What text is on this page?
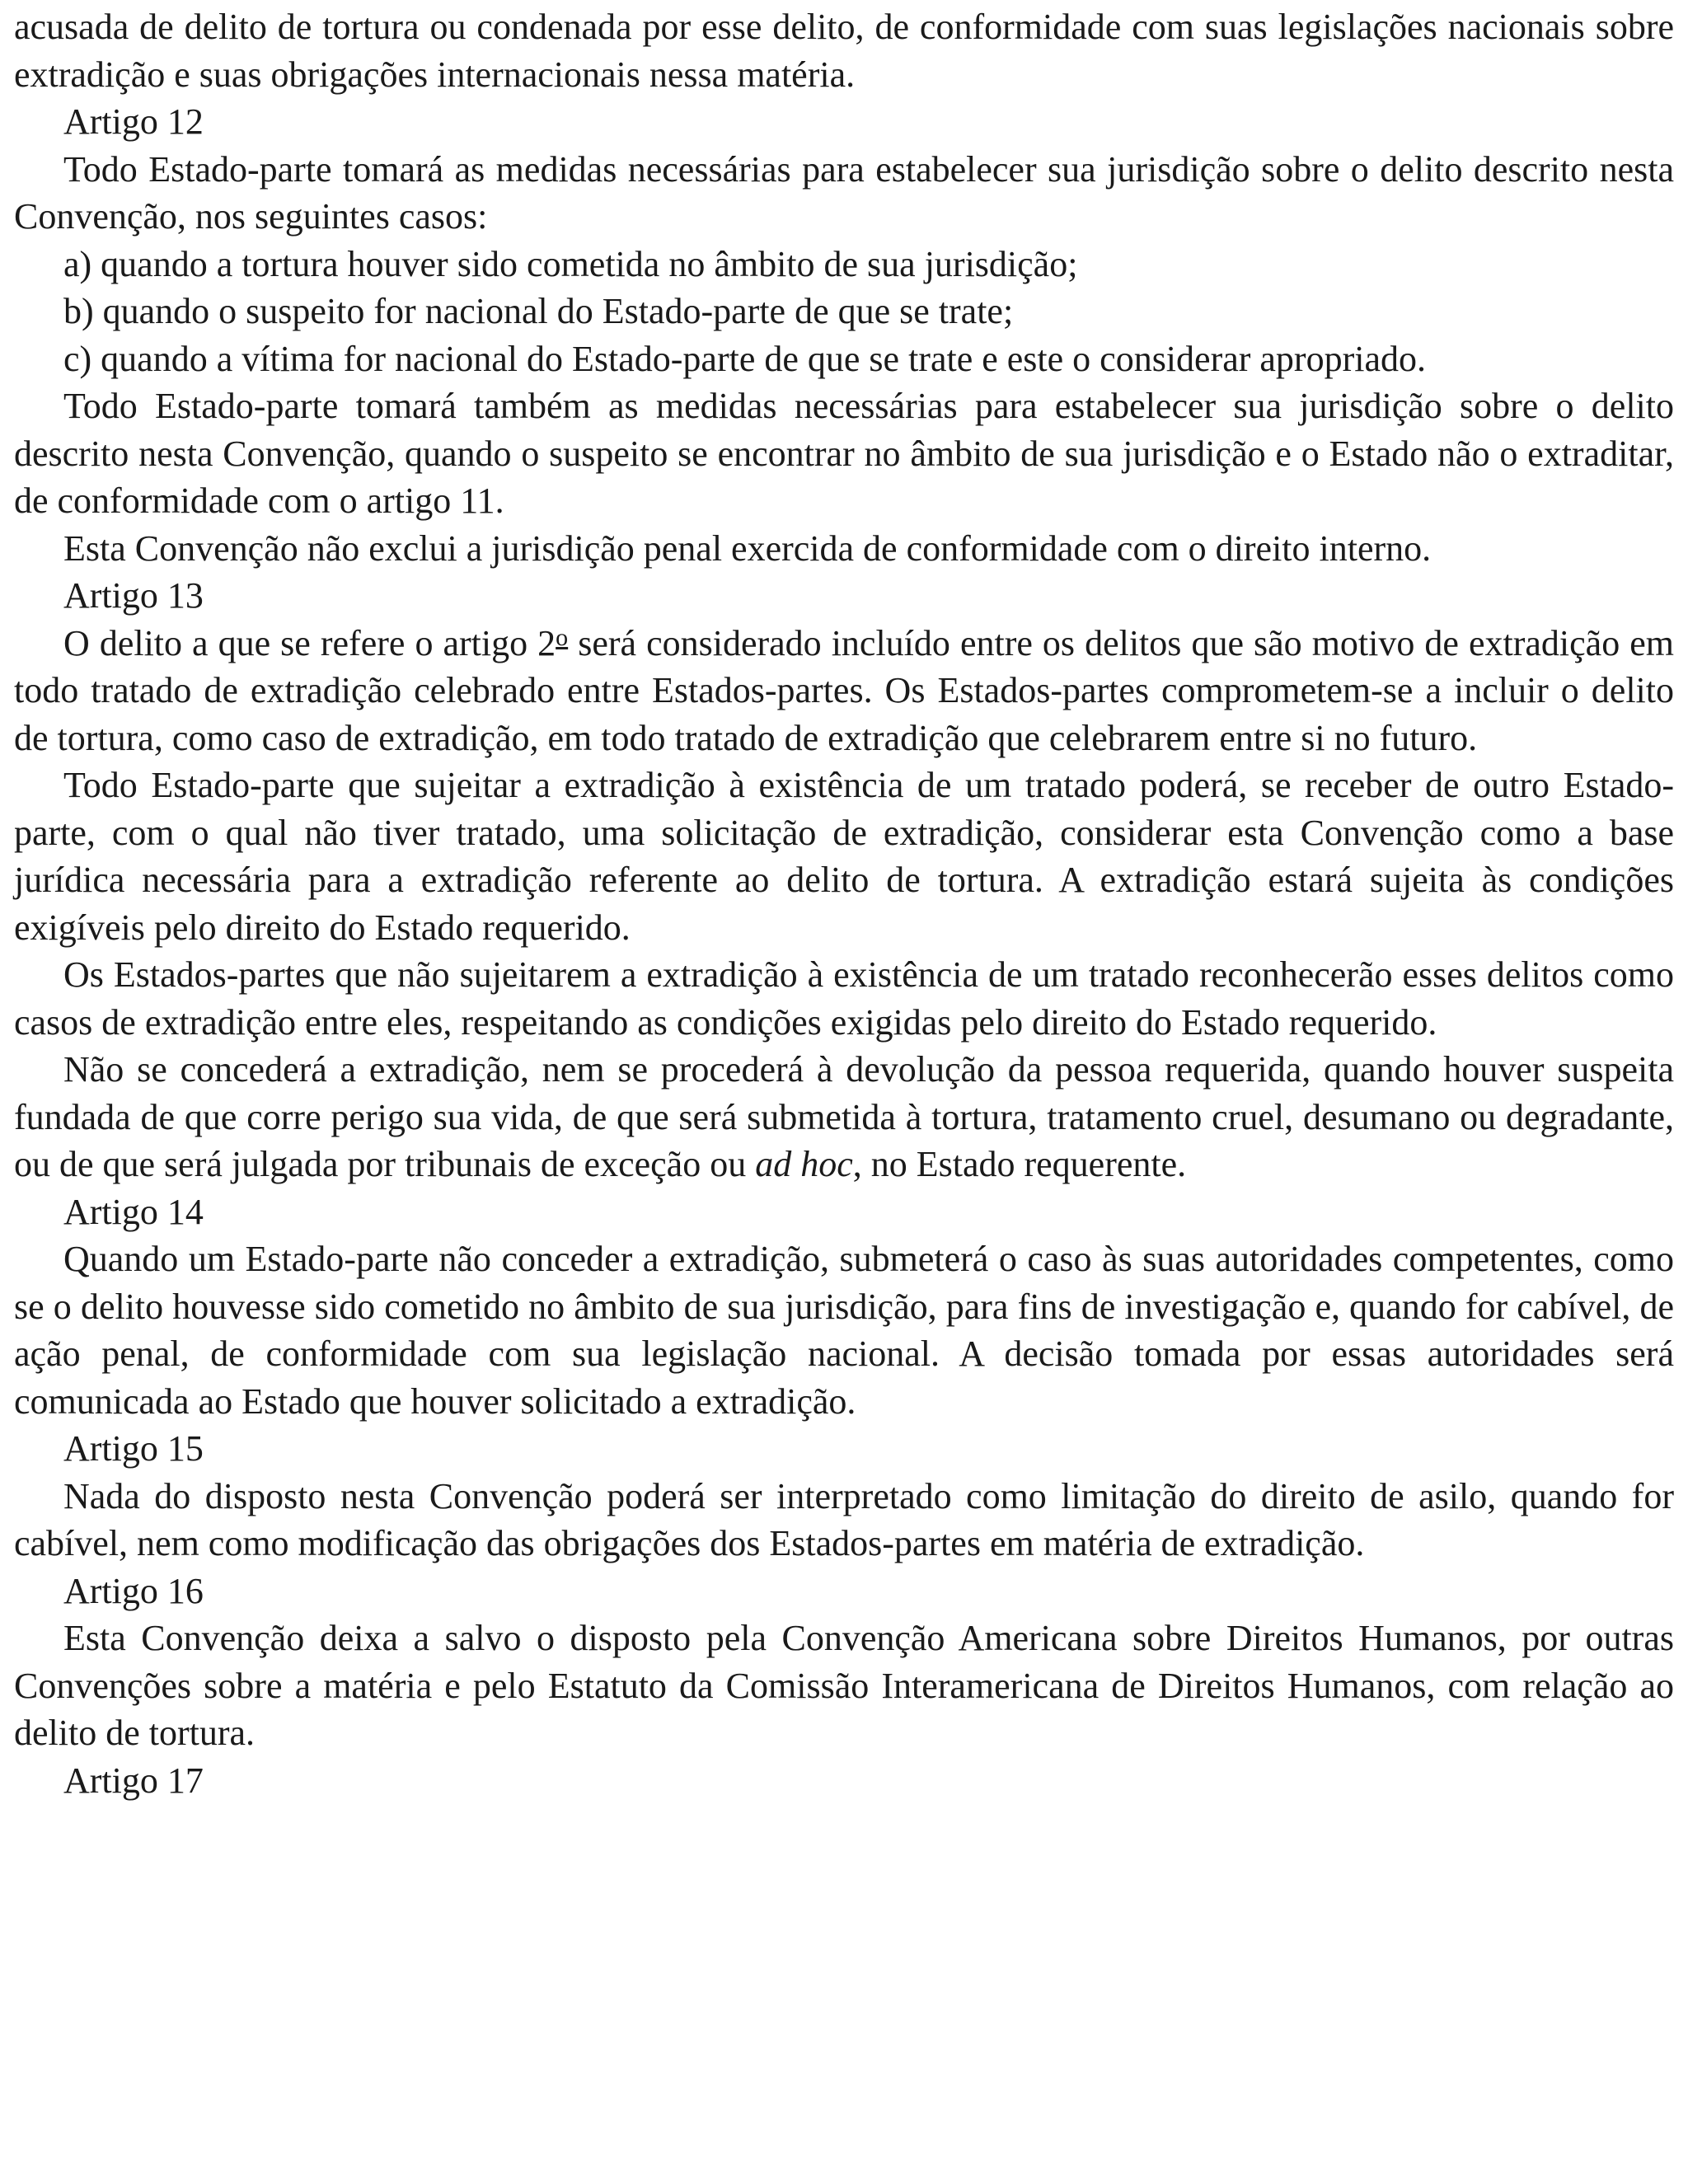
acusada de delito de tortura ou condenada por esse delito, de conformidade com suas legislações nacionais sobre extradição e suas obrigações internacionais nessa matéria.

Artigo 12

Todo Estado-parte tomará as medidas necessárias para estabelecer sua jurisdição sobre o delito descrito nesta Convenção, nos seguintes casos:

a) quando a tortura houver sido cometida no âmbito de sua jurisdição;

b) quando o suspeito for nacional do Estado-parte de que se trate;

c) quando a vítima for nacional do Estado-parte de que se trate e este o considerar apropriado.

Todo Estado-parte tomará também as medidas necessárias para estabelecer sua jurisdição sobre o delito descrito nesta Convenção, quando o suspeito se encontrar no âmbito de sua jurisdição e o Estado não o extraditar, de conformidade com o artigo 11.

Esta Convenção não exclui a jurisdição penal exercida de conformidade com o direito interno.

Artigo 13

O delito a que se refere o artigo 2$^o$ será considerado incluído entre os delitos que são motivo de extradição em todo tratado de extradição celebrado entre Estados-partes. Os Estados-partes comprometem-se a incluir o delito de tortura, como caso de extradição, em todo tratado de extradição que celebrarem entre si no futuro.

Todo Estado-parte que sujeitar a extradição à existência de um tratado poderá, se receber de outro Estado-parte, com o qual não tiver tratado, uma solicitação de extradição, considerar esta Convenção como a base jurídica necessária para a extradição referente ao delito de tortura. A extradição estará sujeita às condições exigíveis pelo direito do Estado requerido.

Os Estados-partes que não sujeitarem a extradição à existência de um tratado reconhecerão esses delitos como casos de extradição entre eles, respeitando as condições exigidas pelo direito do Estado requerido.

Não se concederá a extradição, nem se procederá à devolução da pessoa requerida, quando houver suspeita fundada de que corre perigo sua vida, de que será submetida à tortura, tratamento cruel, desumano ou degradante, ou de que será julgada por tribunais de exceção ou ad hoc, no Estado requerente.

Artigo 14

Quando um Estado-parte não conceder a extradição, submeterá o caso às suas autoridades competentes, como se o delito houvesse sido cometido no âmbito de sua jurisdição, para fins de investigação e, quando for cabível, de ação penal, de conformidade com sua legislação nacional. A decisão tomada por essas autoridades será comunicada ao Estado que houver solicitado a extradição.

Artigo 15

Nada do disposto nesta Convenção poderá ser interpretado como limitação do direito de asilo, quando for cabível, nem como modificação das obrigações dos Estados-partes em matéria de extradição.

Artigo 16

Esta Convenção deixa a salvo o disposto pela Convenção Americana sobre Direitos Humanos, por outras Convenções sobre a matéria e pelo Estatuto da Comissão Interamericana de Direitos Humanos, com relação ao delito de tortura.

Artigo 17
